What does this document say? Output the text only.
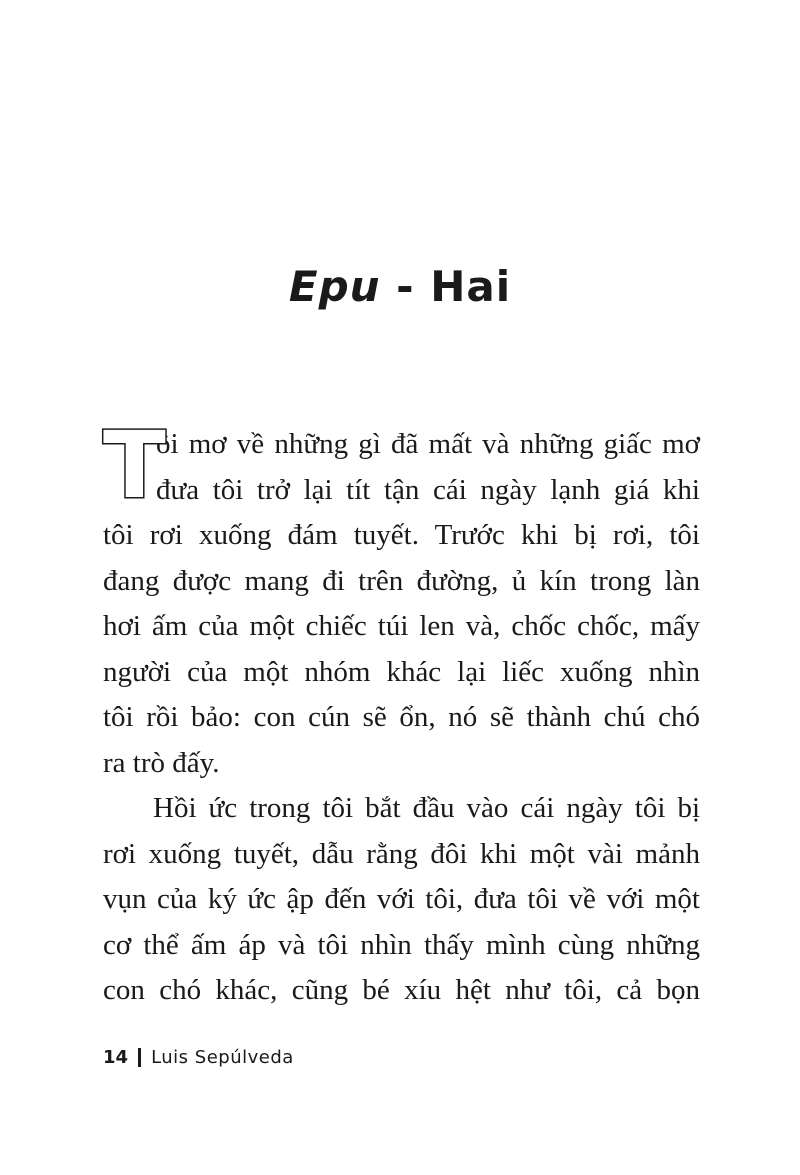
Epu - Hai
T
ôi mơ về những gì đã mất và những giấc mơ
đưa tôi trở lại tít tận cái ngày lạnh giá khi
tôi rơi xuống đám tuyết. Trước khi bị rơi, tôi
đang được mang đi trên đường, ủ kín trong làn
hơi ấm của một chiếc túi len và, chốc chốc, mấy
người của một nhóm khác lại liếc xuống nhìn
tôi rồi bảo: con cún sẽ ổn, nó sẽ thành chú chó
ra trò đấy.
Hồi ức trong tôi bắt đầu vào cái ngày tôi bị
rơi xuống tuyết, dẫu rằng đôi khi một vài mảnh
vụn của ký ức ập đến với tôi, đưa tôi về với một
cơ thể ấm áp và tôi nhìn thấy mình cùng những
con chó khác, cũng bé xíu hệt như tôi, cả bọn
14 Luis Sepúlveda
